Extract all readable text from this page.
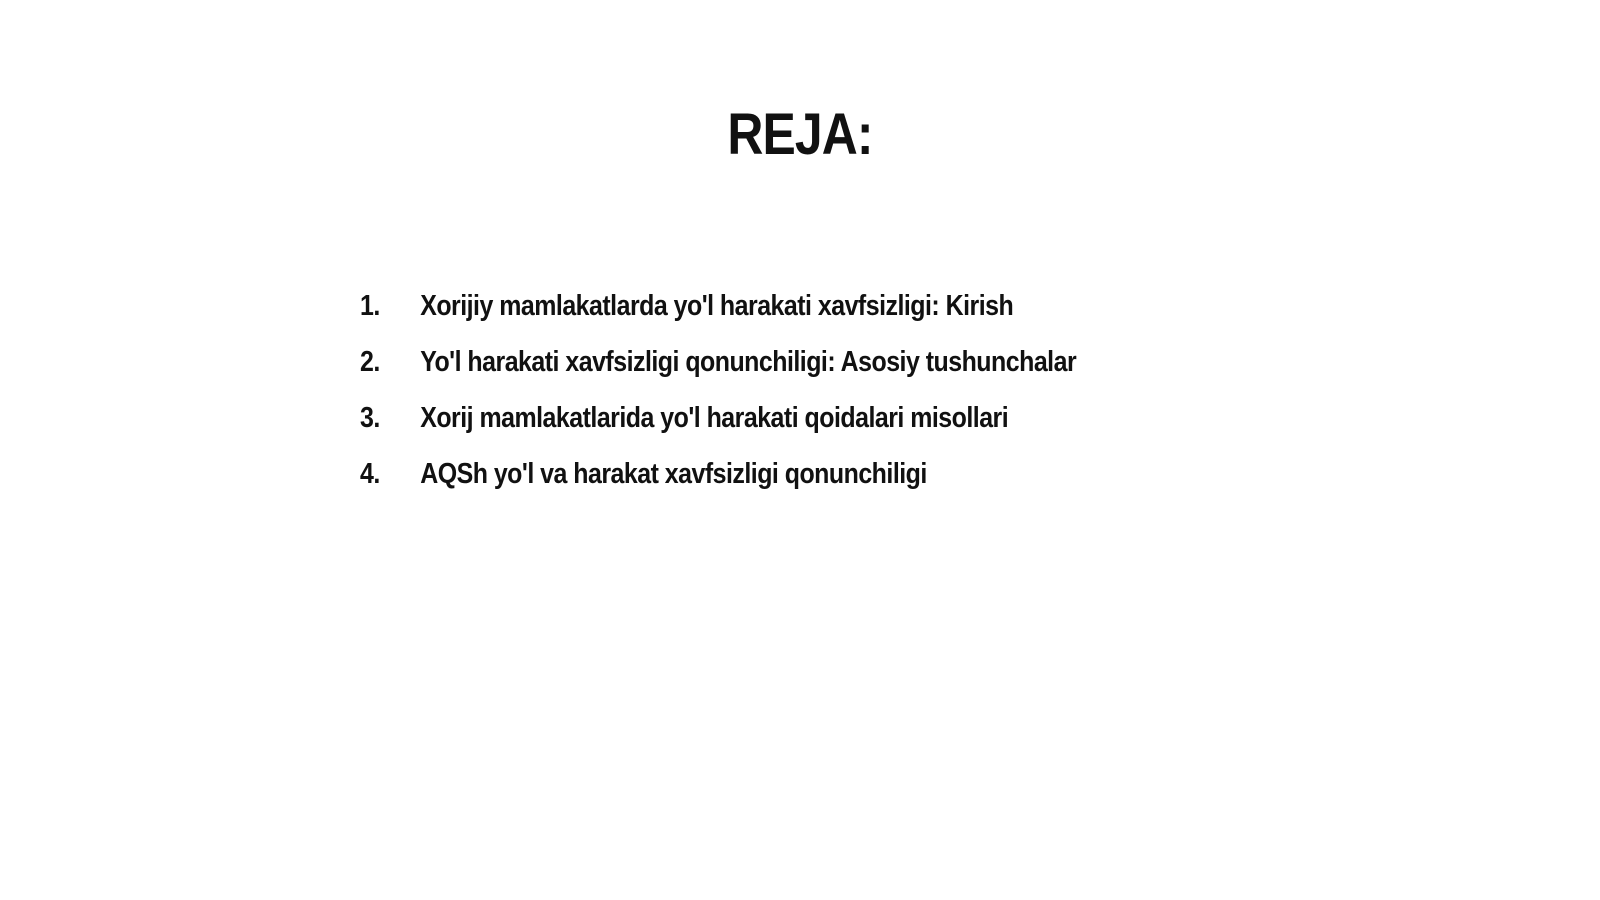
REJA:
1.	Xorijiy mamlakatlarda yo'l harakati xavfsizligi: Kirish
2.	Yo'l harakati xavfsizligi qonunchiligi: Asosiy tushunchalar
3.	Xorij mamlakatlarida yo'l harakati qoidalari misollari
4.	AQSh yo'l va harakat xavfsizligi qonunchiligi
